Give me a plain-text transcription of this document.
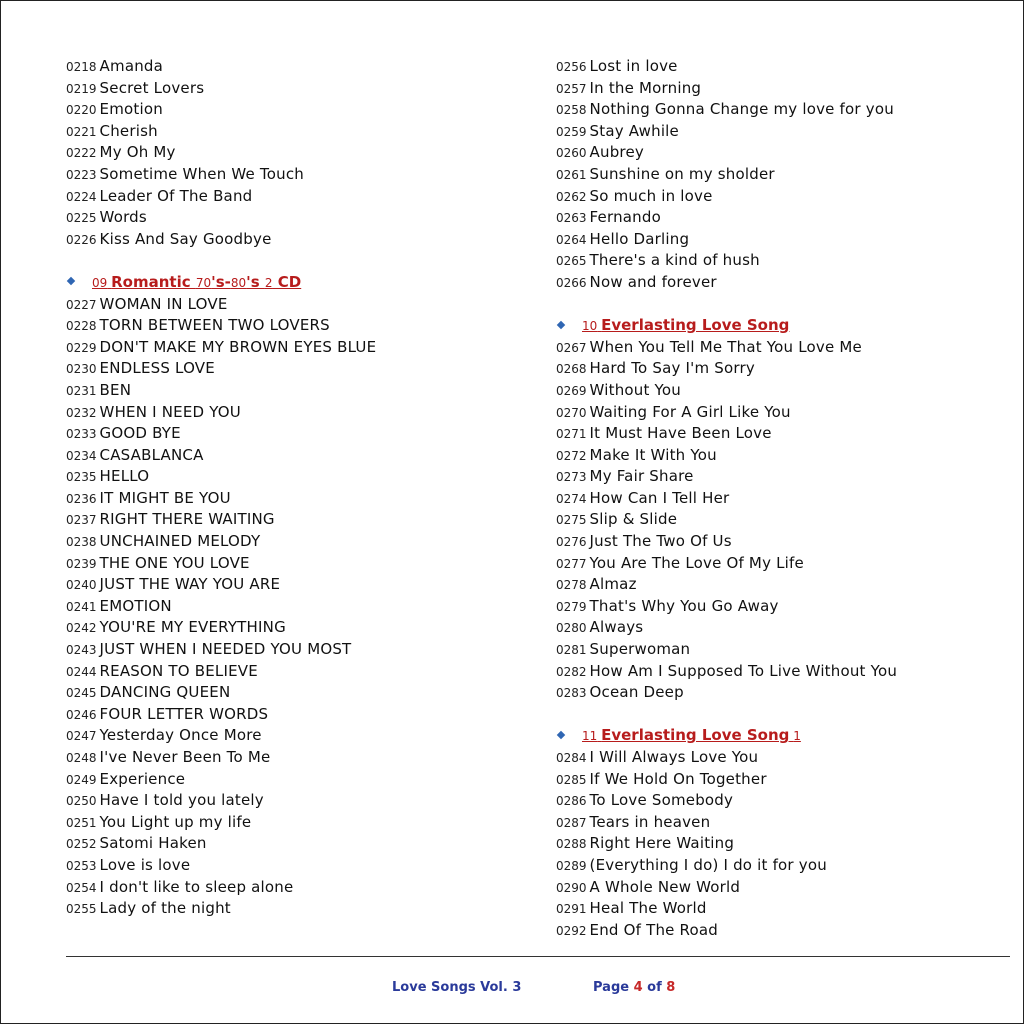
0218 Amanda
0219 Secret Lovers
0220 Emotion
0221 Cherish
0222 My Oh My
0223 Sometime When We Touch
0224 Leader Of The Band
0225 Words
0226 Kiss And Say Goodbye
09 Romantic 70's-80's 2 CD
0227 WOMAN IN LOVE
0228 TORN BETWEEN TWO LOVERS
0229 DON'T MAKE MY BROWN EYES BLUE
0230 ENDLESS LOVE
0231 BEN
0232 WHEN I NEED YOU
0233 GOOD BYE
0234 CASABLANCA
0235 HELLO
0236 IT MIGHT BE YOU
0237 RIGHT THERE WAITING
0238 UNCHAINED MELODY
0239 THE ONE YOU LOVE
0240 JUST THE WAY YOU ARE
0241 EMOTION
0242 YOU'RE MY EVERYTHING
0243 JUST WHEN I NEEDED YOU MOST
0244 REASON TO BELIEVE
0245 DANCING QUEEN
0246 FOUR LETTER WORDS
0247 Yesterday Once More
0248 I've Never Been To Me
0249 Experience
0250 Have I told you lately
0251 You Light up my life
0252 Satomi Haken
0253 Love is love
0254 I don't like to sleep alone
0255 Lady of the night
0256 Lost in love
0257 In the Morning
0258 Nothing Gonna Change my love for you
0259 Stay Awhile
0260 Aubrey
0261 Sunshine on my sholder
0262 So much in love
0263 Fernando
0264 Hello Darling
0265 There's a kind of hush
0266 Now and forever
10 Everlasting Love Song
0267 When You Tell Me That You Love Me
0268 Hard To Say I'm Sorry
0269 Without You
0270 Waiting For A Girl Like You
0271 It Must Have Been Love
0272 Make It With You
0273 My Fair Share
0274 How Can I Tell Her
0275 Slip & Slide
0276 Just The Two Of Us
0277 You Are The Love Of My Life
0278 Almaz
0279 That's Why You Go Away
0280 Always
0281 Superwoman
0282 How Am I Supposed To Live Without You
0283 Ocean Deep
11 Everlasting Love Song 1
0284 I Will Always Love You
0285 If We Hold On Together
0286 To Love Somebody
0287 Tears in heaven
0288 Right Here Waiting
0289 (Everything I do) I do it for you
0290 A Whole New World
0291 Heal The World
0292 End Of The Road
Love Songs Vol. 3	Page 4 of 8
